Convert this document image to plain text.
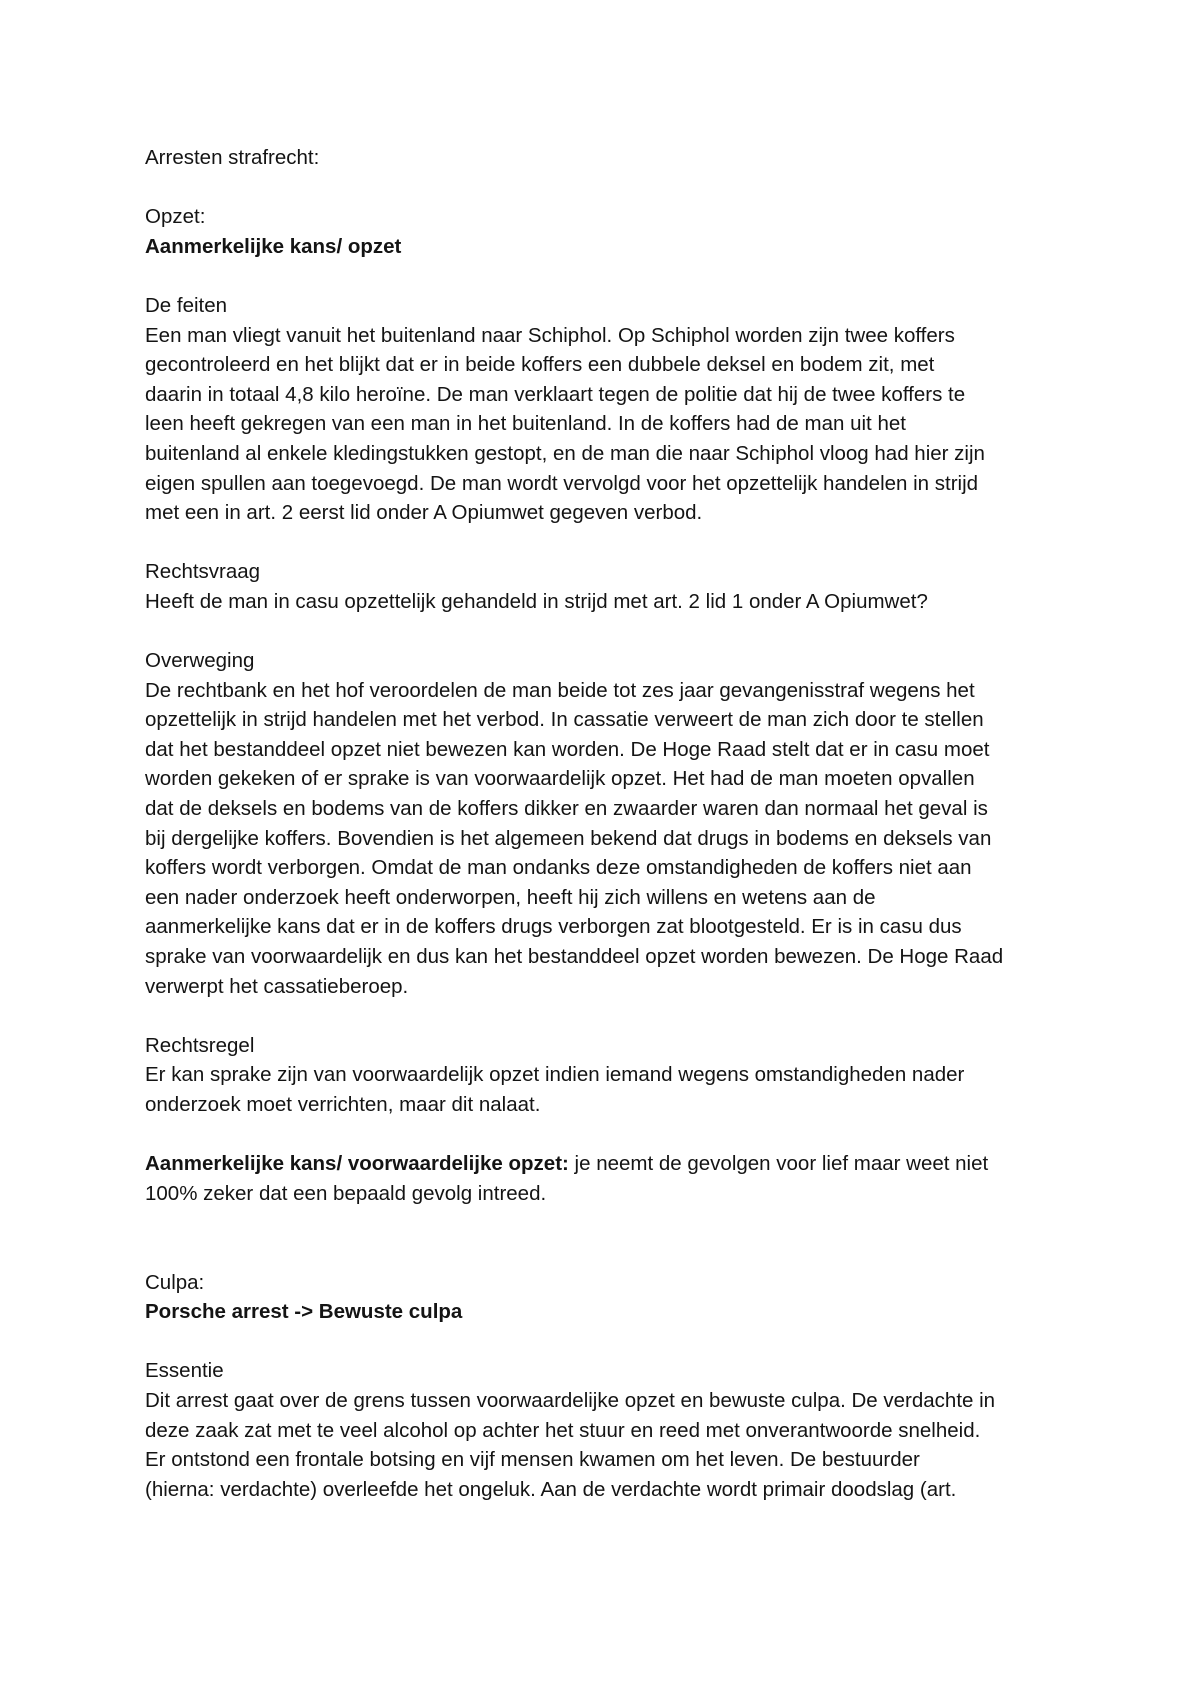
Arresten strafrecht:
Opzet:
Aanmerkelijke kans/ opzet
De feiten
Een man vliegt vanuit het buitenland naar Schiphol. Op Schiphol worden zijn twee koffers
gecontroleerd en het blijkt dat er in beide koffers een dubbele deksel en bodem zit, met
daarin in totaal 4,8 kilo heroïne. De man verklaart tegen de politie dat hij de twee koffers te
leen heeft gekregen van een man in het buitenland. In de koffers had de man uit het
buitenland al enkele kledingstukken gestopt, en de man die naar Schiphol vloog had hier zijn
eigen spullen aan toegevoegd. De man wordt vervolgd voor het opzettelijk handelen in strijd
met een in art. 2 eerst lid onder A Opiumwet gegeven verbod.
Rechtsvraag
Heeft de man in casu opzettelijk gehandeld in strijd met art. 2 lid 1 onder A Opiumwet?
Overweging
De rechtbank en het hof veroordelen de man beide tot zes jaar gevangenisstraf wegens het
opzettelijk in strijd handelen met het verbod. In cassatie verweert de man zich door te stellen
dat het bestanddeel opzet niet bewezen kan worden. De Hoge Raad stelt dat er in casu moet
worden gekeken of er sprake is van voorwaardelijk opzet. Het had de man moeten opvallen
dat de deksels en bodems van de koffers dikker en zwaarder waren dan normaal het geval is
bij dergelijke koffers. Bovendien is het algemeen bekend dat drugs in bodems en deksels van
koffers wordt verborgen. Omdat de man ondanks deze omstandigheden de koffers niet aan
een nader onderzoek heeft onderworpen, heeft hij zich willens en wetens aan de
aanmerkelijke kans dat er in de koffers drugs verborgen zat blootgesteld. Er is in casu dus
sprake van voorwaardelijk en dus kan het bestanddeel opzet worden bewezen. De Hoge Raad
verwerpt het cassatieberoep.
Rechtsregel
Er kan sprake zijn van voorwaardelijk opzet indien iemand wegens omstandigheden nader
onderzoek moet verrichten, maar dit nalaat.
Aanmerkelijke kans/ voorwaardelijke opzet: je neemt de gevolgen voor lief maar weet niet
100% zeker dat een bepaald gevolg intreed.
Culpa:
Porsche arrest -> Bewuste culpa
Essentie
Dit arrest gaat over de grens tussen voorwaardelijke opzet en bewuste culpa. De verdachte in
deze zaak zat met te veel alcohol op achter het stuur en reed met onverantwoorde snelheid.
Er ontstond een frontale botsing en vijf mensen kwamen om het leven. De bestuurder
(hierna: verdachte) overleefde het ongeluk. Aan de verdachte wordt primair doodslag (art.
